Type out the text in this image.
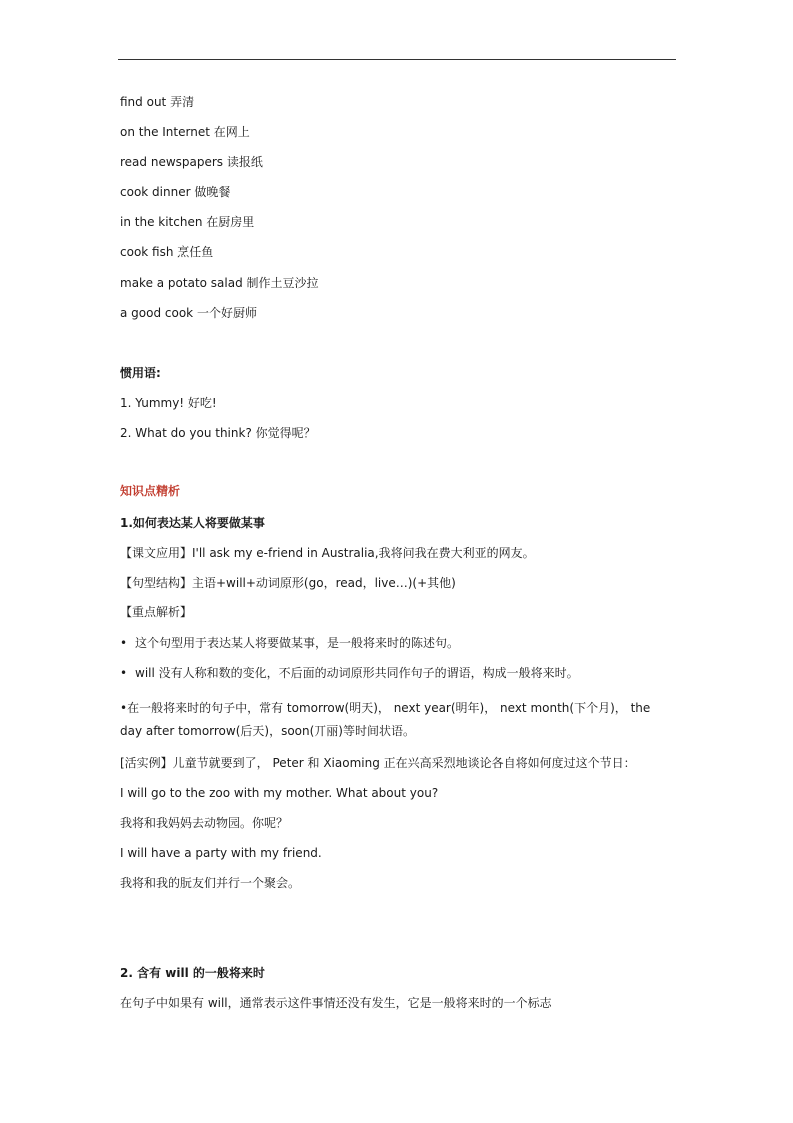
find out 弄清
on the Internet 在网上
read newspapers 读报纸
cook dinner 做晚餐
in the kitchen 在厨房里
cook fish 烹任鱼
make a potato salad 制作土豆沙拉
a good cook 一个好厨师
惯用语:
1. Yummy! 好吃!
2. What do you think? 你觉得呢？
知识点精析
1.如何表达某人将要做某事
【课文应用】I'll ask my e-friend in Australia,我将问我在费大利亚的网友。
【句型结构】主语+will+动词原形(go，read，live…)(+其他)
【重点解析】
• 这个句型用于表达某人将要做某事，是一般将来时的陈述句。
• will 没有人称和数的变化，不后面的动词原形共同作句子的谓语，构成一般将来时。
•在一般将来时的句子中，常有 tomorrow(明天)， next year(明年)， next month(下个月)， the day after tomorrow(后天)，soon(丌丽)等时间状语。
[活实例】儿童节就要到了， Peter 和 Xiaoming 正在兴高采烈地谈论各自将如何度过这个节日：
I will go to the zoo with my mother. What about you?
我将和我妈妈去动物园。你呢？
I will have a party with my friend.
我将和我的朊友们并行一个聚会。
2. 含有 will 的一般将来时
在句子中如果有 will，通常表示这件事情还没有发生，它是一般将来时的一个标志
